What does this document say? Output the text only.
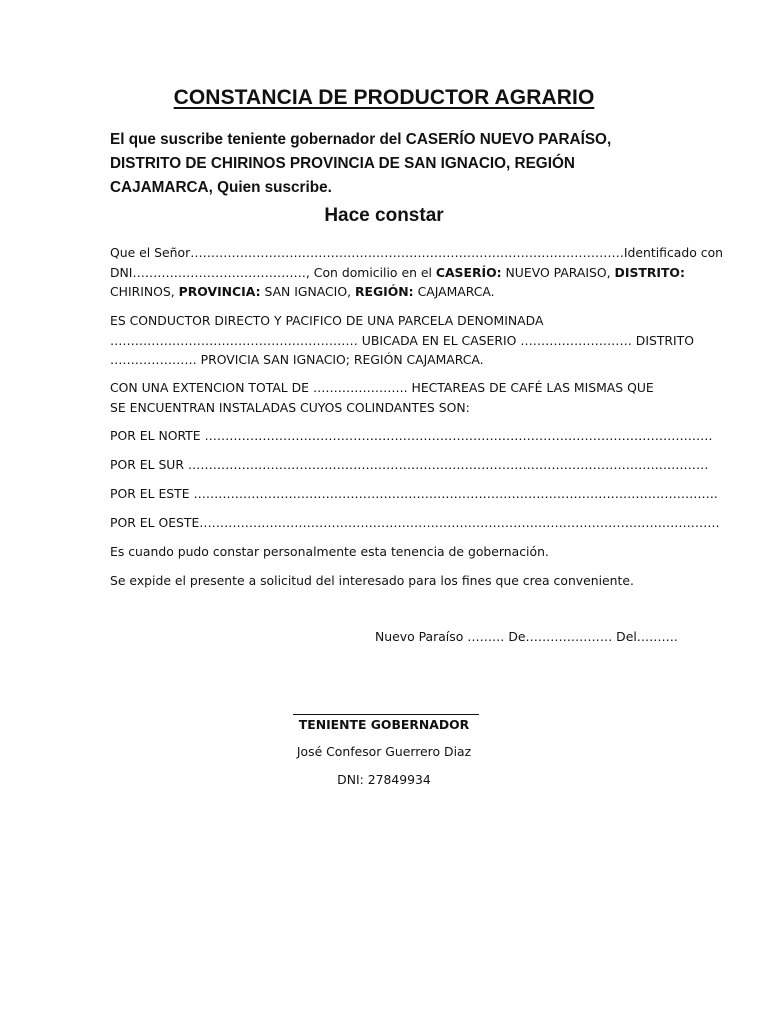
CONSTANCIA DE PRODUCTOR AGRARIO

El que suscribe teniente gobernador del CASERÍO NUEVO PARAÍSO,
DISTRITO DE CHIRINOS PROVINCIA DE SAN IGNACIO, REGIÓN
CAJAMARCA, Quien suscribe.

Hace constar

Que el Señor……………………………………………………………………………………………Identificado con
DNI……………………………………, Con domicilio en el CASERÍO: NUEVO PARAISO, DISTRITO:
CHIRINOS, PROVINCIA: SAN IGNACIO, REGIÓN: CAJAMARCA.

ES CONDUCTOR DIRECTO Y PACIFICO DE UNA PARCELA DENOMINADA
…………………………………………………… UBICADA EN EL CASERIO ……………………… DISTRITO
………………… PROVICIA SAN IGNACIO; REGIÓN CAJAMARCA.

CON UNA EXTENCION TOTAL DE ………………….. HECTAREAS DE CAFÉ LAS MISMAS QUE
SE ENCUENTRAN INSTALADAS CUYOS COLINDANTES SON:

POR EL NORTE ……………………………………………………………………………………………………………

POR EL SUR ………………………………………………………………………………………………………………

POR EL ESTE ……………………………………………………………………………………………………………….

POR EL OESTE………………………………………………………………………………………………………………

Es cuando pudo constar personalmente esta tenencia de gobernación.

Se expide el presente a solicitud del interesado para los fines que crea conveniente.

Nuevo Paraíso ……… De………………… Del……….
TENIENTE GOBERNADOR
José Confesor Guerrero Diaz
DNI: 27849934
